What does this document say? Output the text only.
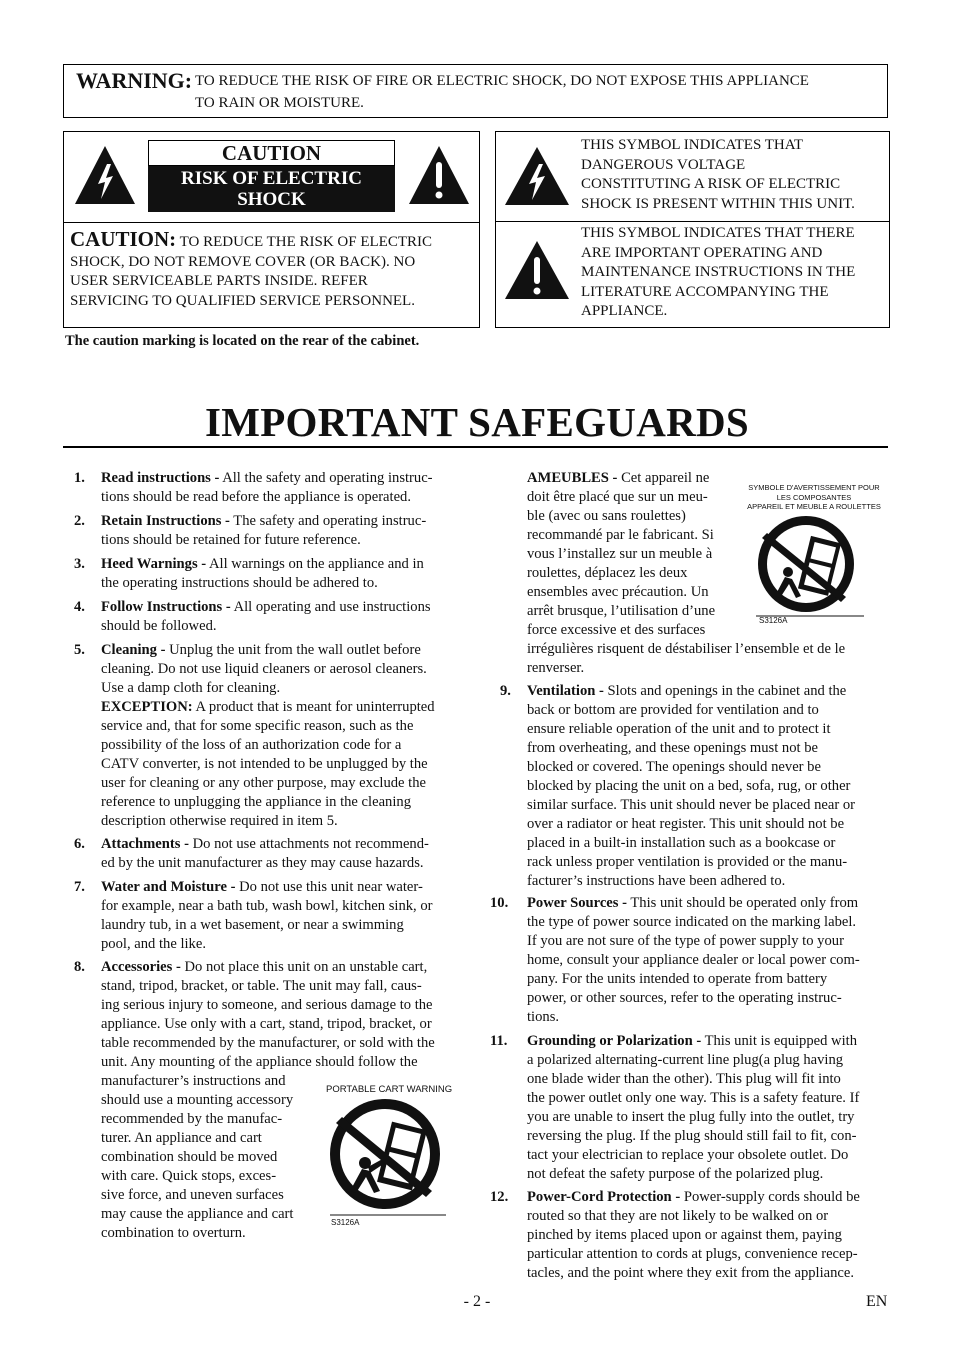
WARNING: TO REDUCE THE RISK OF FIRE OR ELECTRIC SHOCK, DO NOT EXPOSE THIS APPLIANCE
TO RAIN OR MOISTURE.
CAUTION
RISK OF ELECTRIC SHOCK
DO NOT OPEN
CAUTION: TO REDUCE THE RISK OF ELECTRIC
SHOCK, DO NOT REMOVE COVER (OR BACK). NO
USER SERVICEABLE PARTS INSIDE. REFER
SERVICING TO QUALIFIED SERVICE PERSONNEL.
The caution marking is located on the rear of the cabinet.
THIS SYMBOL INDICATES THAT
DANGEROUS VOLTAGE
CONSTITUTING A RISK OF ELECTRIC
SHOCK IS PRESENT WITHIN THIS UNIT.
THIS SYMBOL INDICATES THAT THERE
ARE IMPORTANT OPERATING AND
MAINTENANCE INSTRUCTIONS IN THE
LITERATURE ACCOMPANYING THE
APPLIANCE.
IMPORTANT SAFEGUARDS
1. Read instructions - All the safety and operating instruc-
tions should be read before the appliance is operated.
2. Retain Instructions - The safety and operating instruc-
tions should be retained for future reference.
3. Heed Warnings - All warnings on the appliance and in
the operating instructions should be adhered to.
4. Follow Instructions - All operating and use instructions
should be followed.
5. Cleaning - Unplug the unit from the wall outlet before
cleaning. Do not use liquid cleaners or aerosol cleaners.
Use a damp cloth for cleaning.
EXCEPTION: A product that is meant for uninterrupted
service and, that for some specific reason, such as the
possibility of the loss of an authorization code for a
CATV converter, is not intended to be unplugged by the
user for cleaning or any other purpose, may exclude the
reference to unplugging the appliance in the cleaning
description otherwise required in item 5.
6. Attachments - Do not use attachments not recommend-
ed by the unit manufacturer as they may cause hazards.
7. Water and Moisture - Do not use this unit near water-
for example, near a bath tub, wash bowl, kitchen sink, or
laundry tub, in a wet basement, or near a swimming
pool, and the like.
8. Accessories - Do not place this unit on an unstable cart,
stand, tripod, bracket, or table. The unit may fall, caus-
ing serious injury to someone, and serious damage to the
appliance. Use only with a cart, stand, tripod, bracket, or
table recommended by the manufacturer, or sold with the
unit. Any mounting of the appliance should follow the
manufacturer’s instructions and
should use a mounting accessory
recommended by the manufac-
turer. An appliance and cart
combination should be moved
with care. Quick stops, exces-
sive force, and uneven surfaces
may cause the appliance and cart
combination to overturn.
PORTABLE CART WARNING
S3126A
AMEUBLES - Cet appareil ne
doit être placé que sur un meu-
ble (avec ou sans roulettes)
recommandé par le fabricant. Si
vous l’installez sur un meuble à
roulettes, déplacez les deux
ensembles avec précaution. Un
arrêt brusque, l’utilisation d’une
force excessive et des surfaces
irrégulières risquent de déstabiliser l’ensemble et de le
renverser.
SYMBOLE D'AVERTISSEMENT POUR
LES COMPOSANTES
APPAREIL ET MEUBLE A ROULETTES
S3126A
9. Ventilation - Slots and openings in the cabinet and the
back or bottom are provided for ventilation and to
ensure reliable operation of the unit and to protect it
from overheating, and these openings must not be
blocked or covered. The openings should never be
blocked by placing the unit on a bed, sofa, rug, or other
similar surface. This unit should never be placed near or
over a radiator or heat register. This unit should not be
placed in a built-in installation such as a bookcase or
rack unless proper ventilation is provided or the manu-
facturer’s instructions have been adhered to.
10. Power Sources - This unit should be operated only from
the type of power source indicated on the marking label.
If you are not sure of the type of power supply to your
home, consult your appliance dealer or local power com-
pany. For the units intended to operate from battery
power, or other sources, refer to the operating instruc-
tions.
11. Grounding or Polarization - This unit is equipped with
a polarized alternating-current line plug(a plug having
one blade wider than the other). This plug will fit into
the power outlet only one way. This is a safety feature. If
you are unable to insert the plug fully into the outlet, try
reversing the plug. If the plug should still fail to fit, con-
tact your electrician to replace your obsolete outlet. Do
not defeat the safety purpose of the polarized plug.
12. Power-Cord Protection - Power-supply cords should be
routed so that they are not likely to be walked on or
pinched by items placed upon or against them, paying
particular attention to cords at plugs, convenience recep-
tacles, and the point where they exit from the appliance.
- 2 -	EN
